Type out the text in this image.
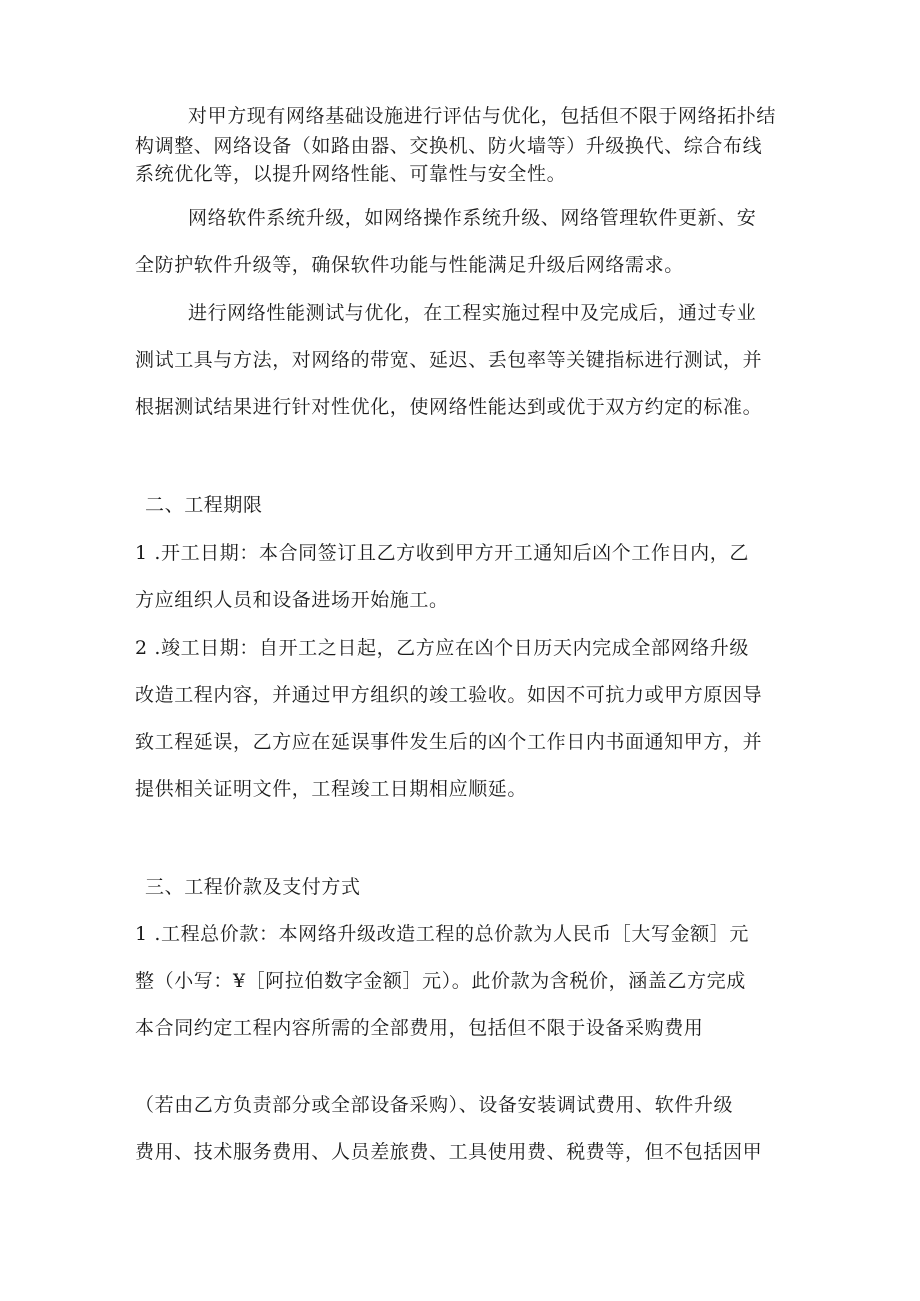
对甲方现有网络基础设施进行评估与优化，包括但不限于网络拓扑结
构调整、网络设备（如路由器、交换机、防火墙等）升级换代、综合布线
系统优化等，以提升网络性能、可靠性与安全性。
网络软件系统升级，如网络操作系统升级、网络管理软件更新、安
全防护软件升级等，确保软件功能与性能满足升级后网络需求。
进行网络性能测试与优化，在工程实施过程中及完成后，通过专业
测试工具与方法，对网络的带宽、延迟、丢包率等关键指标进行测试，并
根据测试结果进行针对性优化，使网络性能达到或优于双方约定的标准。
二、工程期限
1 .开工日期：本合同签订且乙方收到甲方开工通知后凶个工作日内，乙
方应组织人员和设备进场开始施工。
2 .竣工日期：自开工之日起，乙方应在凶个日历天内完成全部网络升级
改造工程内容，并通过甲方组织的竣工验收。如因不可抗力或甲方原因导
致工程延误，乙方应在延误事件发生后的凶个工作日内书面通知甲方，并
提供相关证明文件，工程竣工日期相应顺延。
三、工程价款及支付方式
1 .工程总价款：本网络升级改造工程的总价款为人民币［大写金额］元
整（小写：¥［阿拉伯数字金额］元）。此价款为含税价，涵盖乙方完成
本合同约定工程内容所需的全部费用，包括但不限于设备采购费用
（若由乙方负责部分或全部设备采购）、设备安装调试费用、软件升级
费用、技术服务费用、人员差旅费、工具使用费、税费等，但不包括因甲
